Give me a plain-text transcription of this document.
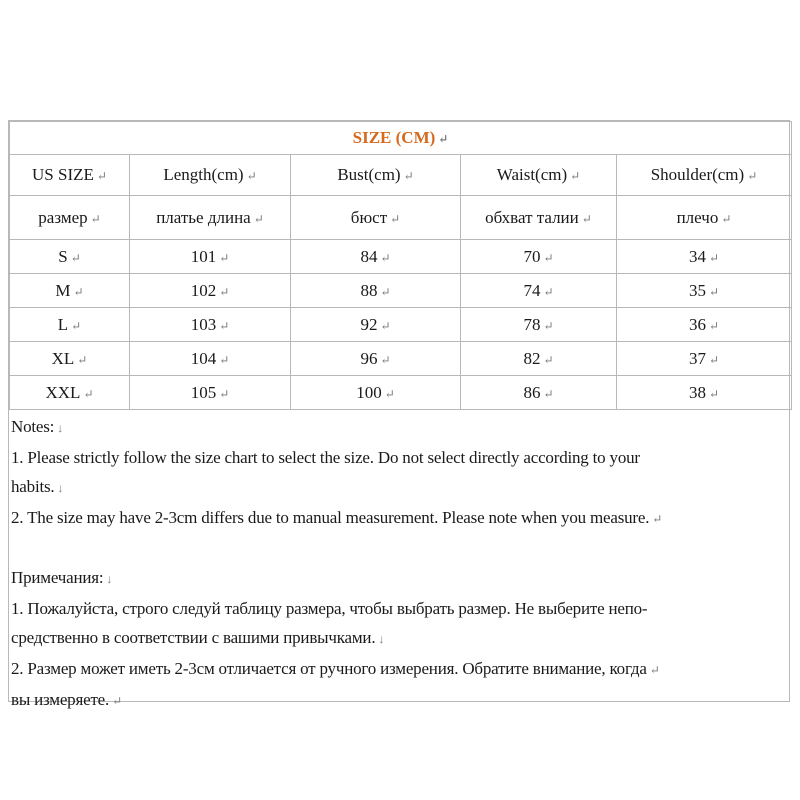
SIZE (CM) ↵				
US SIZE ↵	Length(cm) ↵	Bust(cm) ↵	Waist(cm) ↵	Shoulder(cm) ↵
размер ↵	платье длина ↵	бюст ↵	обхват талии ↵	плечо ↵
S ↵	101 ↵	84 ↵	70 ↵	34 ↵
M ↵	102 ↵	88 ↵	74 ↵	35 ↵
L ↵	103 ↵	92 ↵	78 ↵	36 ↵
XL ↵	104 ↵	96 ↵	82 ↵	37 ↵
XXL ↵	105 ↵	100 ↵	86 ↵	38 ↵

Notes: ↓

1. Please strictly follow the size chart to select the size. Do not select directly according to your

habits. ↓

2. The size may have 2-3cm differs due to manual measurement. Please note when you measure. ↵

Примечания: ↓

1. Пожалуйста, строго следуй таблицу размера, чтобы выбрать размер. Не выберите непо-

средственно в соответствии с вашими привычками. ↓

2. Размер может иметь 2-3см отличается от ручного измерения. Обратите внимание, когда ↵

вы измеряете. ↵
